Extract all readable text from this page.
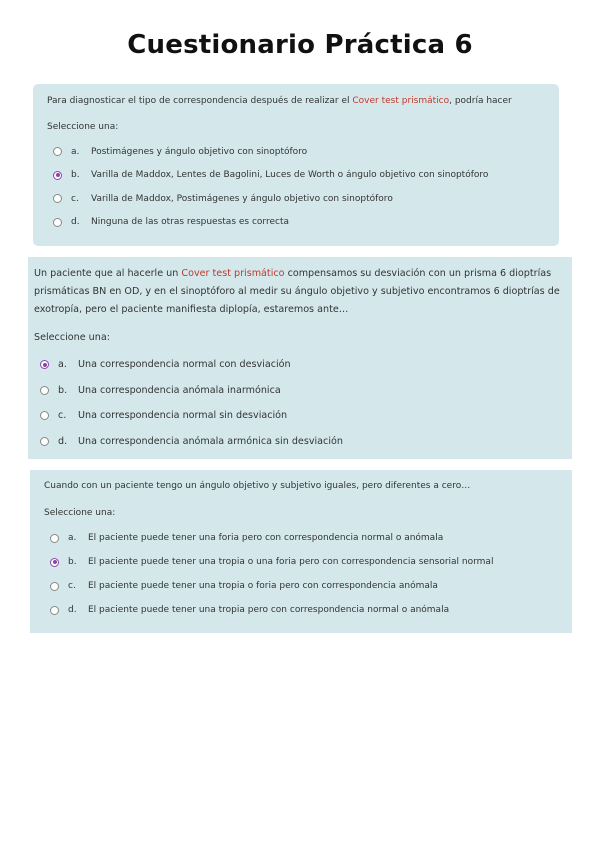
Cuestionario Práctica 6
Para diagnosticar el tipo de correspondencia después de realizar el Cover test prismático, podría hacer
Seleccione una:
a.	Postimágenes y ángulo objetivo con sinoptóforo
b.	Varilla de Maddox, Lentes de Bagolini, Luces de Worth o ángulo objetivo con sinoptóforo
c.	Varilla de Maddox, Postimágenes y ángulo objetivo con sinoptóforo
d.	Ninguna de las otras respuestas es correcta
Un paciente que al hacerle un Cover test prismático compensamos su desviación con un prisma 6 dioptrías prismáticas BN en OD, y en el sinoptóforo al medir su ángulo objetivo y subjetivo encontramos 6 dioptrías de exotropía, pero el paciente manifiesta diplopía, estaremos ante…
Seleccione una:
a.	Una correspondencia normal con desviación
b.	Una correspondencia anómala inarmónica
c.	Una correspondencia normal sin desviación
d.	Una correspondencia anómala armónica sin desviación
Cuando con un paciente tengo un ángulo objetivo y subjetivo iguales, pero diferentes a cero…
Seleccione una:
a.	El paciente puede tener una foria pero con correspondencia normal o anómala
b.	El paciente puede tener una tropia o una foria pero con correspondencia sensorial normal
c.	El paciente puede tener una tropia o foria pero con correspondencia anómala
d.	El paciente puede tener una tropia pero con correspondencia normal o anómala
